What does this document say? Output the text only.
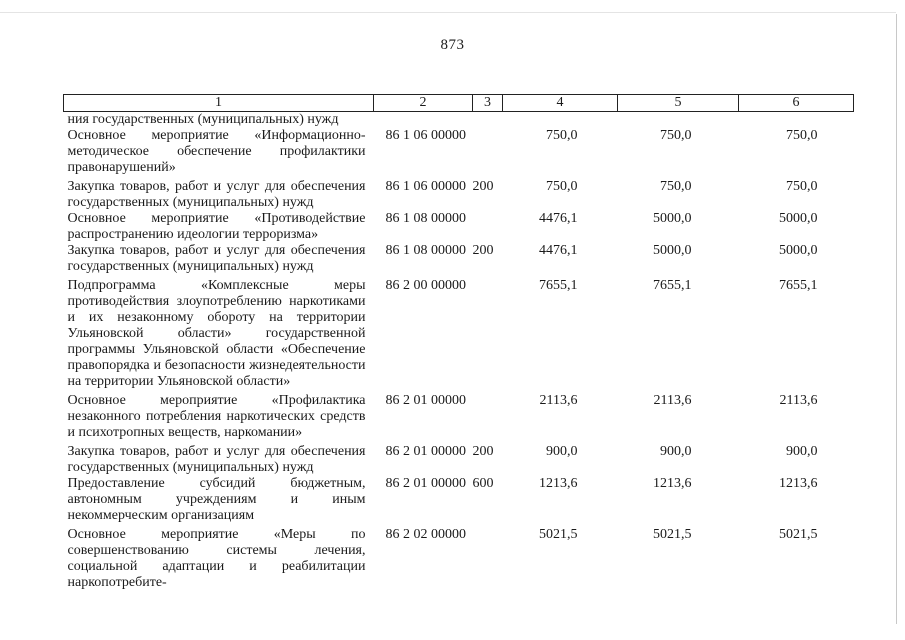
873
1	2	3	4	5	6
ния государственных (муниципальных) нужд					
Основное мероприятие «Информационно-методическое обеспечение профилактики правонарушений»	86 1 06 00000		750,0	750,0	750,0
Закупка товаров, работ и услуг для обеспечения государственных (муниципальных) нужд	86 1 06 00000	200	750,0	750,0	750,0
Основное мероприятие «Противодействие распространению идеологии терроризма»	86 1 08 00000		4476,1	5000,0	5000,0
Закупка товаров, работ и услуг для обеспечения государственных (муниципальных) нужд	86 1 08 00000	200	4476,1	5000,0	5000,0
Подпрограмма «Комплексные меры противодействия злоупотреблению наркотиками и их незаконному обороту на территории Ульяновской области» государственной программы Ульяновской области «Обеспечение правопорядка и безопасности жизнедеятельности на территории Ульяновской области»	86 2 00 00000		7655,1	7655,1	7655,1
Основное мероприятие «Профилактика незаконного потребления наркотических средств и психотропных веществ, наркомании»	86 2 01 00000		2113,6	2113,6	2113,6
Закупка товаров, работ и услуг для обеспечения государственных (муниципальных) нужд	86 2 01 00000	200	900,0	900,0	900,0
Предоставление субсидий бюджетным, автономным учреждениям и иным некоммерческим организациям	86 2 01 00000	600	1213,6	1213,6	1213,6
Основное мероприятие «Меры по совершенствованию системы лечения, социальной адаптации и реабилитации наркопотребите-	86 2 02 00000		5021,5	5021,5	5021,5
